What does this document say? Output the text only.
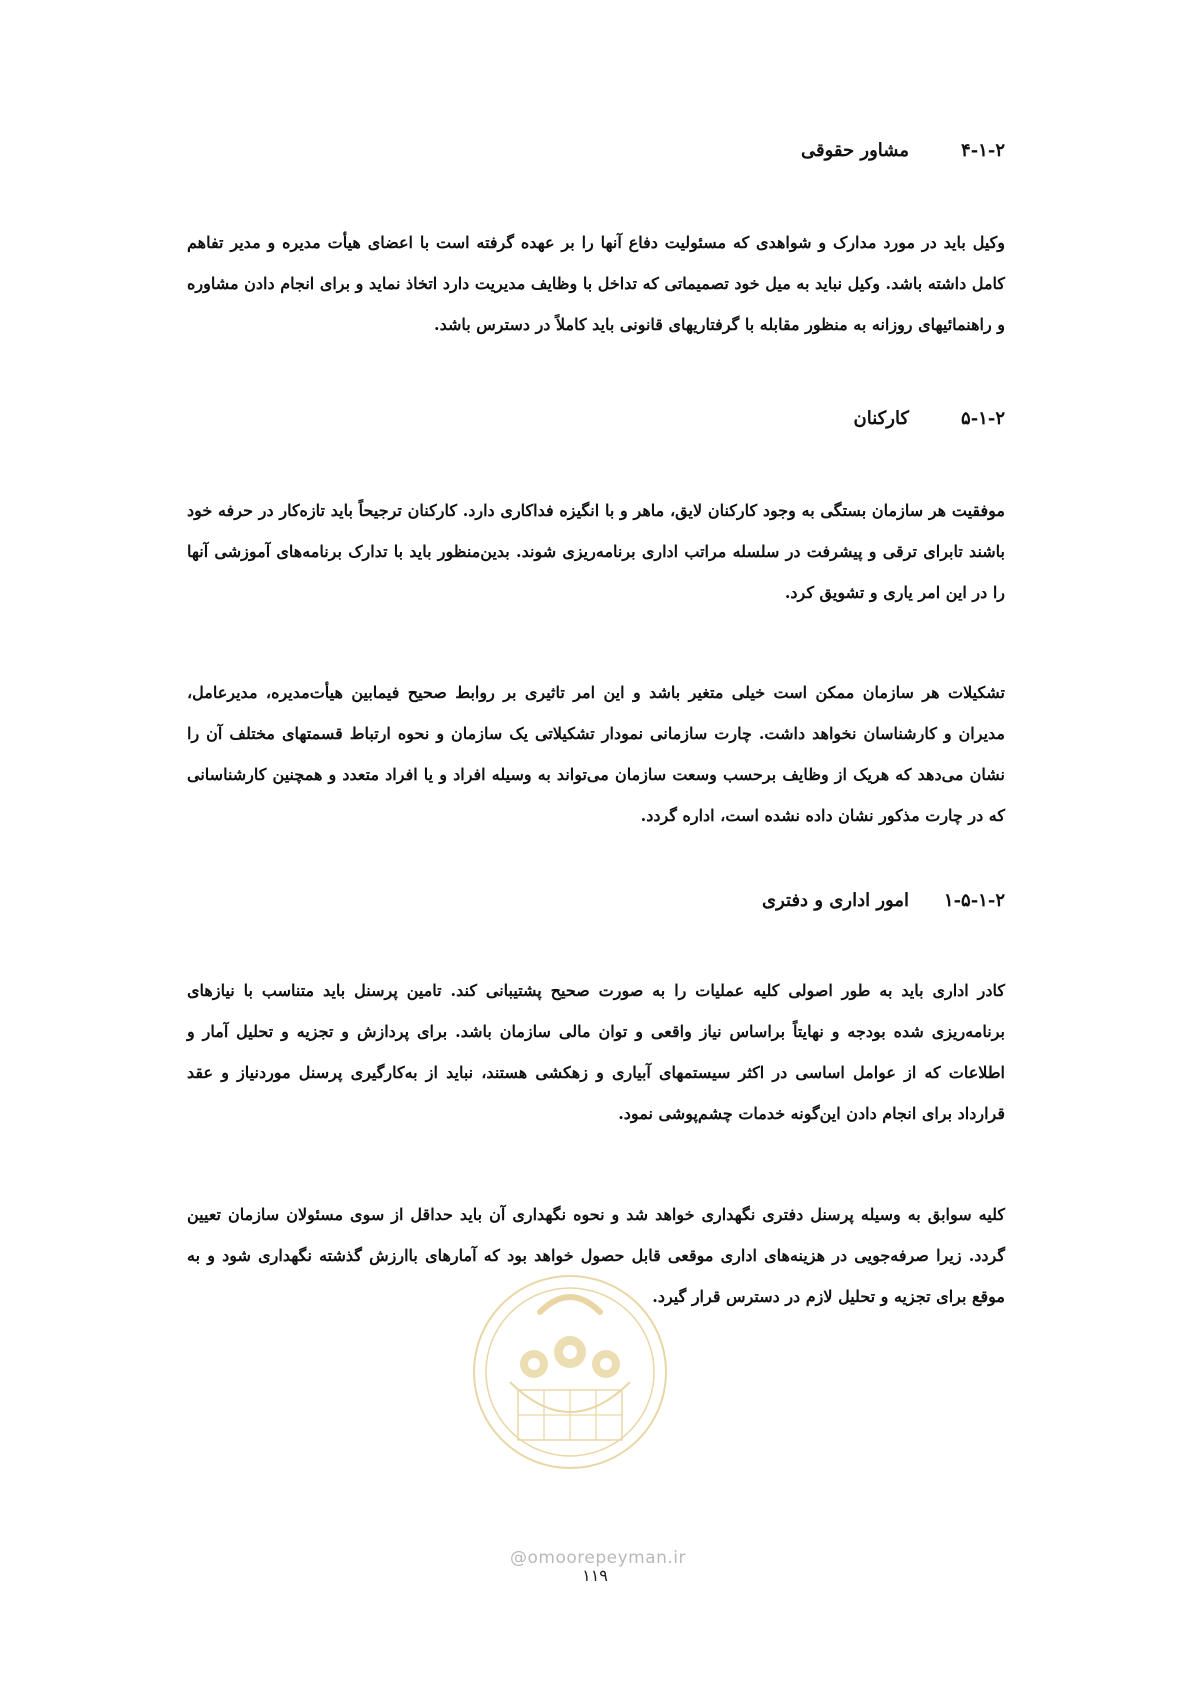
۴-۱-۲
مشاور حقوقی
وکیل باید در مورد مدارک و شواهدی که مسئولیت دفاع آنها را بر عهده گرفته است با اعضای هیأت مدیره و مدیر تفاهم کامل داشته باشد. وکیل نباید به میل خود تصمیماتی که تداخل با وظایف مدیریت دارد اتخاذ نماید و برای انجام دادن مشاوره و راهنمائیهای روزانه به منظور مقابله با گرفتاریهای قانونی باید کاملاً در دسترس باشد.
۵-۱-۲
کارکنان
موفقیت هر سازمان بستگی به وجود کارکنان لایق، ماهر و با انگیزه فداکاری دارد. کارکنان ترجیحاً باید تازه‌کار در حرفه خود باشند تابرای ترقی و پیشرفت در سلسله مراتب اداری برنامه‌ریزی شوند. بدین‌منظور باید با تدارک برنامه‌های آموزشی آنها را در این امر یاری و تشویق کرد.
تشکیلات هر سازمان ممکن است خیلی متغیر باشد و این امر تاثیری بر روابط صحیح فیمابین هیأت‌مدیره، مدیرعامل، مدیران و کارشناسان نخواهد داشت. چارت سازمانی نمودار تشکیلاتی یک سازمان و نحوه ارتباط قسمتهای مختلف آن را نشان می‌دهد که هریک از وظایف برحسب وسعت سازمان می‌تواند به وسیله افراد و یا افراد متعدد و همچنین کارشناسانی که در چارت مذکور نشان داده نشده است، اداره گردد.
۱-۵-۱-۲
امور اداری و دفتری
کادر اداری باید به طور اصولی کلیه عملیات را به صورت صحیح پشتیبانی کند. تامین پرسنل باید متناسب با نیازهای برنامه‌ریزی شده بودجه و نهایتاً براساس نیاز واقعی و توان مالی سازمان باشد. برای پردازش و تجزیه و تحلیل آمار و اطلاعات که از عوامل اساسی در اکثر سیستمهای آبیاری و زهکشی هستند، نباید از به‌کارگیری پرسنل موردنیاز و عقد قرارداد برای انجام دادن این‌گونه خدمات چشم‌پوشی نمود.
کلیه سوابق به وسیله پرسنل دفتری نگهداری خواهد شد و نحوه نگهداری آن باید حداقل از سوی مسئولان سازمان تعیین گردد. زیرا صرفه‌جویی در هزینه‌های اداری موقعی قابل حصول خواهد بود که آمارهای باارزش گذشته نگهداری شود و به موقع برای تجزیه و تحلیل لازم در دسترس قرار گیرد.
@omoorepeyman.ir
۱۱۹
